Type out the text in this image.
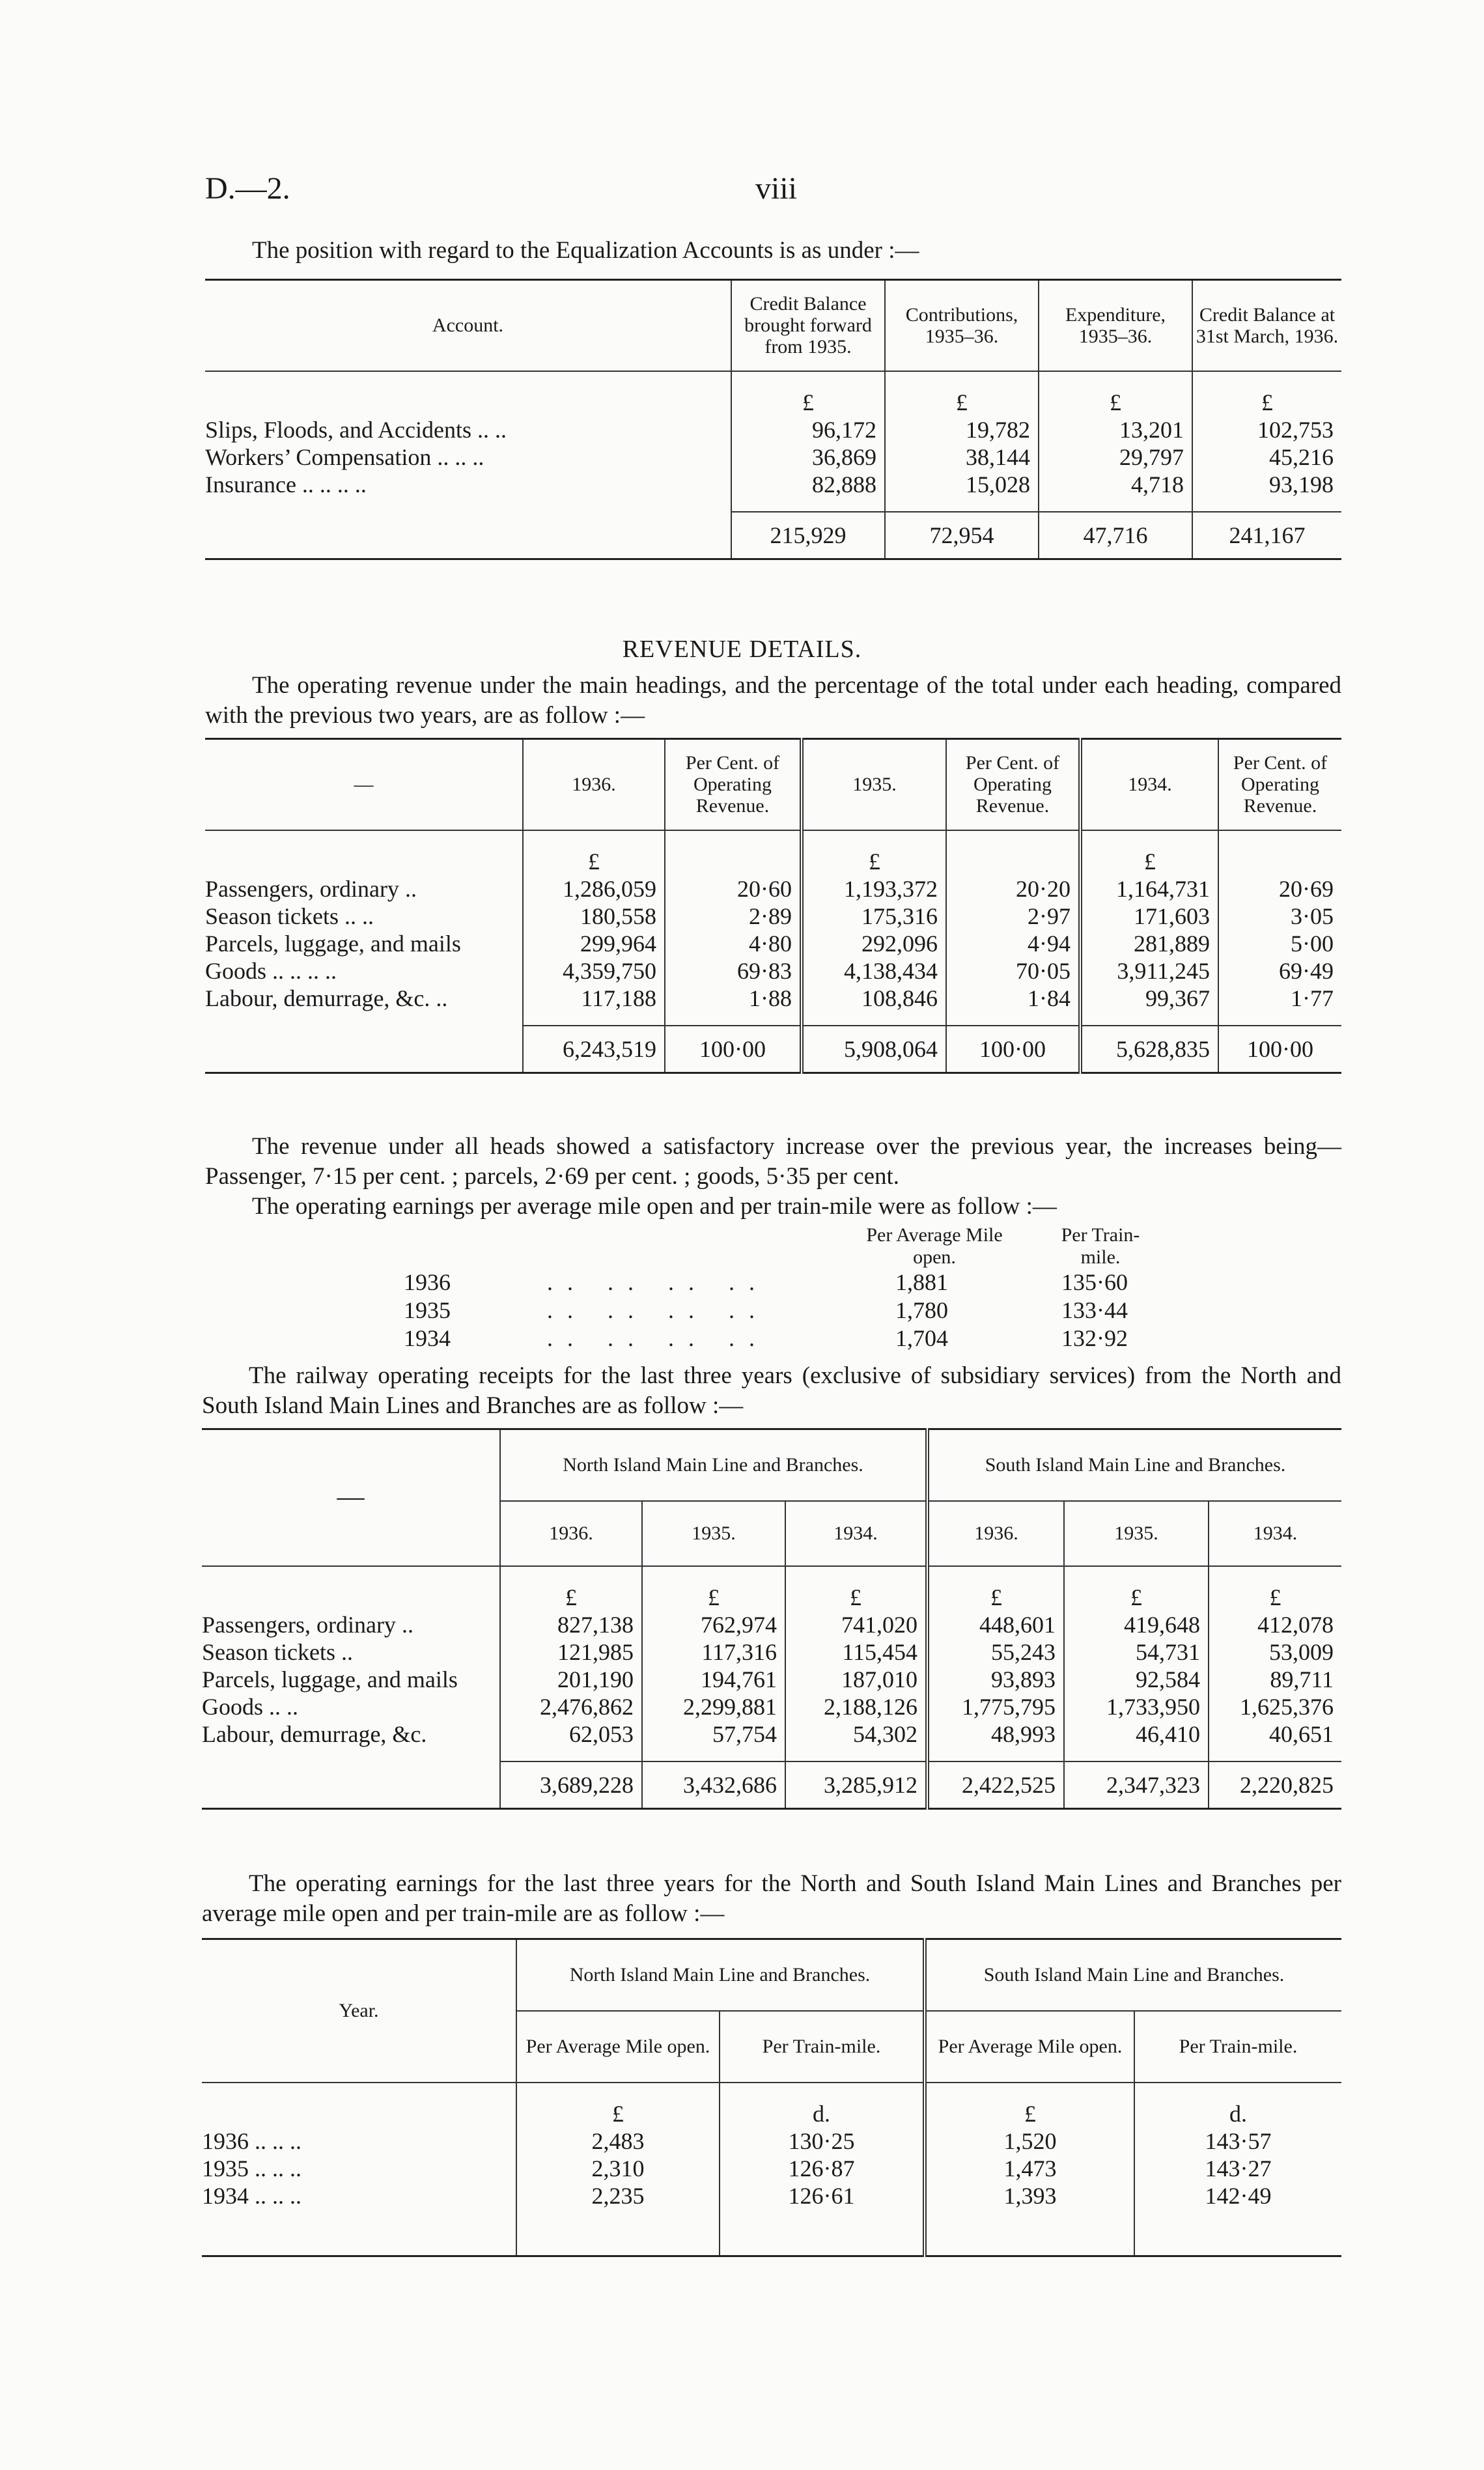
D.—2.	viii

The position with regard to the Equalization Accounts is as under :—

Account.	Credit Balance brought forward from 1935.	Contributions, 1935–36.	Expenditure, 1935–36.	Credit Balance at 31st March, 1936.
	£	£	£	£
Slips, Floods, and Accidents .. ..	96,172	19,782	13,201	102,753
Workers’ Compensation .. .. ..	36,869	38,144	29,797	45,216
Insurance .. .. .. ..	82,888	15,028	4,718	93,198
	215,929	72,954	47,716	241,167
REVENUE DETAILS.

The operating revenue under the main headings, and the percentage of the total under each heading, compared with the previous two years, are as follow :—

—	1936.	Per Cent. of Operating Revenue.	1935.	Per Cent. of Operating Revenue.	1934.	Per Cent. of Operating Revenue.
	£		£		£	
Passengers, ordinary ..	1,286,059	20·60	1,193,372	20·20	1,164,731	20·69
Season tickets .. ..	180,558	2·89	175,316	2·97	171,603	3·05
Parcels, luggage, and mails	299,964	4·80	292,096	4·94	281,889	5·00
Goods .. .. .. ..	4,359,750	69·83	4,138,434	70·05	3,911,245	69·49
Labour, demurrage, &c. ..	117,188	1·88	108,846	1·84	99,367	1·77
	6,243,519	100·00	5,908,064	100·00	5,628,835	100·00

The revenue under all heads showed a satisfactory increase over the previous year, the increases being—Passenger, 7·15 per cent. ; parcels, 2·69 per cent. ; goods, 5·35 per cent.

The operating earnings per average mile open and per train-mile were as follow :—

Per Average Mile open.
Per Train-mile.
1936	.. .. .. ..	1,881	135·60
1935	.. .. .. ..	1,780	133·44
1934	.. .. .. ..	1,704	132·92

The railway operating receipts for the last three years (exclusive of subsidiary services) from the North and South Island Main Lines and Branches are as follow :—

—	North Island Main Line and Branches.			South Island Main Line and Branches.		
	1936.	1935.	1934.	1936.	1935.	1934.
	£	£	£	£	£	£
Passengers, ordinary ..	827,138	762,974	741,020	448,601	419,648	412,078
Season tickets ..	121,985	117,316	115,454	55,243	54,731	53,009
Parcels, luggage, and mails	201,190	194,761	187,010	93,893	92,584	89,711
Goods .. ..	2,476,862	2,299,881	2,188,126	1,775,795	1,733,950	1,625,376
Labour, demurrage, &c.	62,053	57,754	54,302	48,993	46,410	40,651
	3,689,228	3,432,686	3,285,912	2,422,525	2,347,323	2,220,825

The operating earnings for the last three years for the North and South Island Main Lines and Branches per average mile open and per train-mile are as follow :—

Year.	North Island Main Line and Branches.		South Island Main Line and Branches.	
	Per Average Mile open.	Per Train-mile.	Per Average Mile open.	Per Train-mile.
	£	d.	£	d.
1936 .. .. ..	2,483	130·25	1,520	143·57
1935 .. .. ..	2,310	126·87	1,473	143·27
1934 .. .. ..	2,235	126·61	1,393	142·49
